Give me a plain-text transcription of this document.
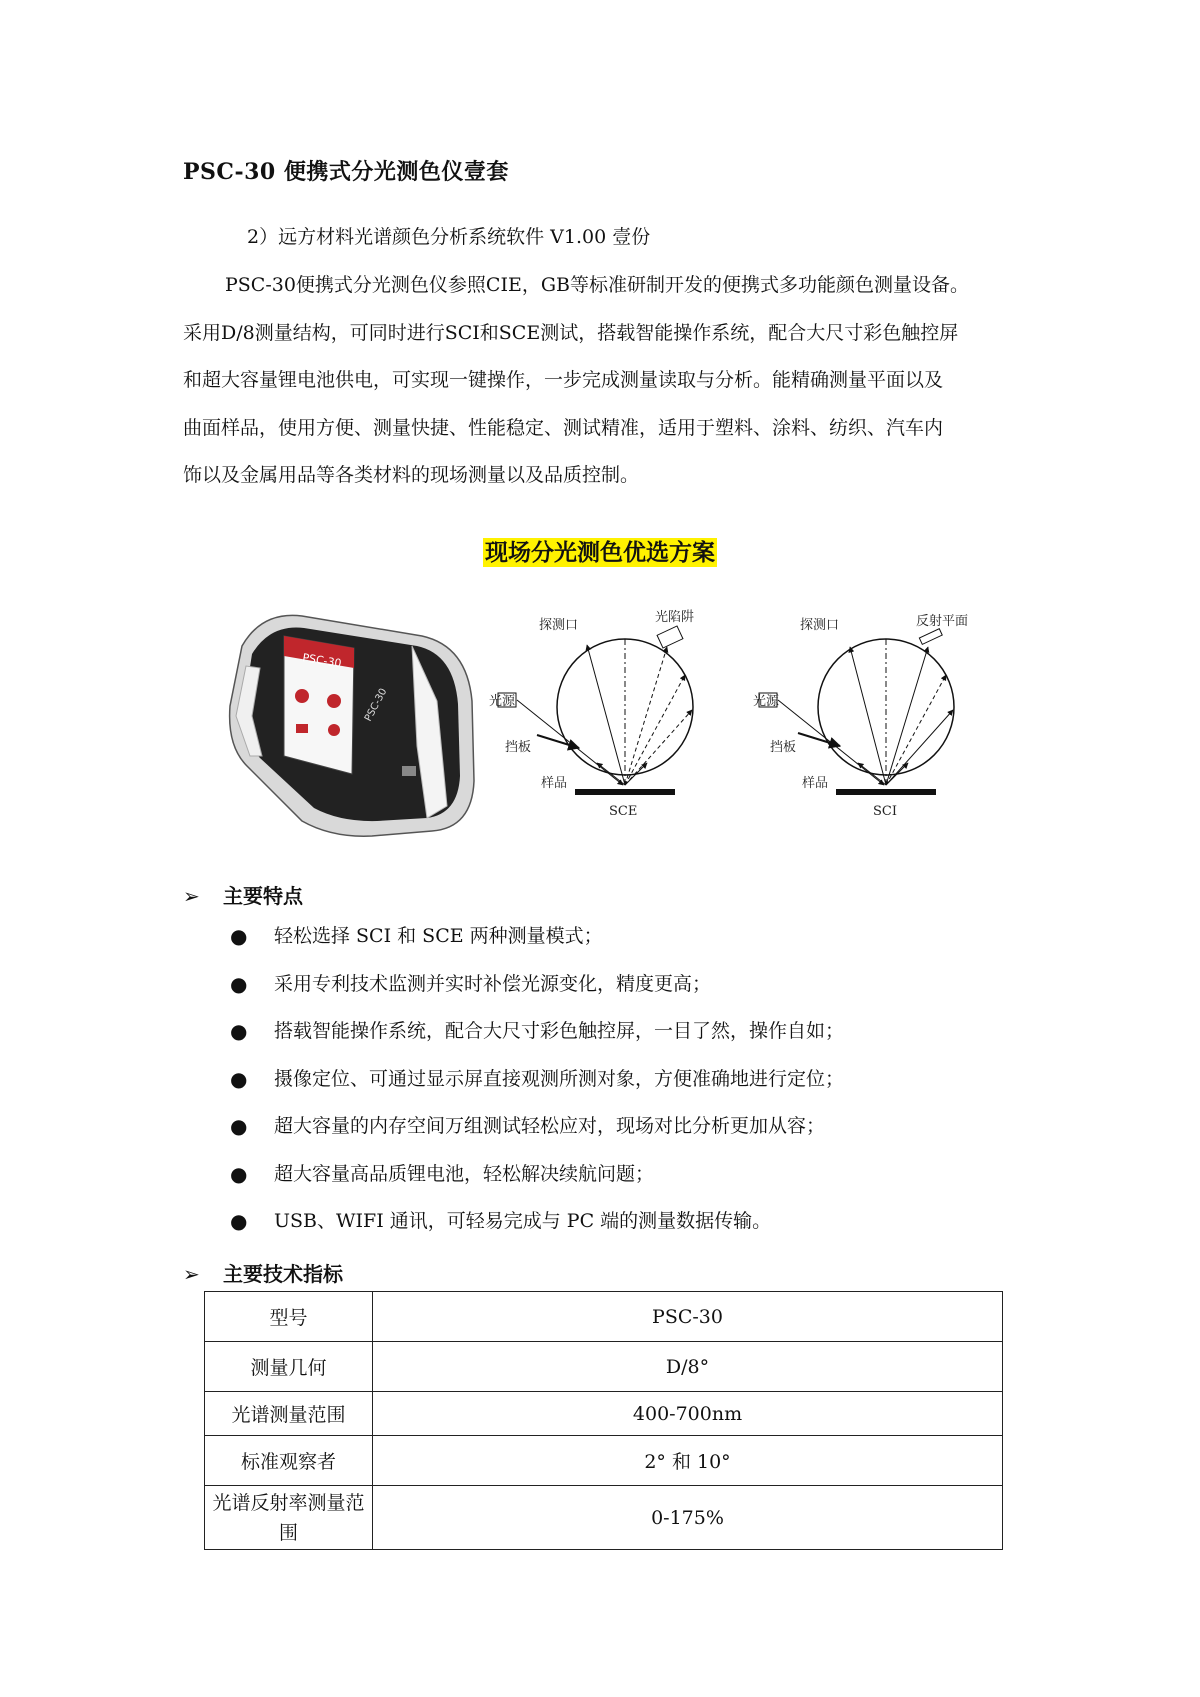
PSC-30 便携式分光测色仪壹套
2）远方材料光谱颜色分析系统软件 V1.00 壹份
PSC-30便携式分光测色仪参照CIE，GB等标准研制开发的便携式多功能颜色测量设备。
采用D/8测量结构，可同时进行SCI和SCE测试，搭载智能操作系统，配合大尺寸彩色触控屏
和超大容量锂电池供电，可实现一键操作，一步完成测量读取与分析。能精确测量平面以及
曲面样品，使用方便、测量快捷、性能稳定、测试精准，适用于塑料、涂料、纺织、汽车内
饰以及金属用品等各类材料的现场测量以及品质控制。
现场分光测色优选方案
PSC-30
PSC-30
探测口
光陷阱
光源
挡板
样品
SCE
探测口	反射平面
光源
挡板
样品
SCI
➢ 主要特点
●	轻松选择 SCI 和 SCE 两种测量模式；
●	采用专利技术监测并实时补偿光源变化，精度更高；
●	搭载智能操作系统，配合大尺寸彩色触控屏，一目了然，操作自如；
●	摄像定位、可通过显示屏直接观测所测对象，方便准确地进行定位；
●	超大容量的内存空间万组测试轻松应对，现场对比分析更加从容；
●	超大容量高品质锂电池，轻松解决续航问题；
●	USB、WIFI 通讯，可轻易完成与 PC 端的测量数据传输。
➢ 主要技术指标
型号	PSC-30
测量几何	D/8°
光谱测量范围	400-700nm
标准观察者	2° 和 10°
光谱反射率测量范围	0-175%
